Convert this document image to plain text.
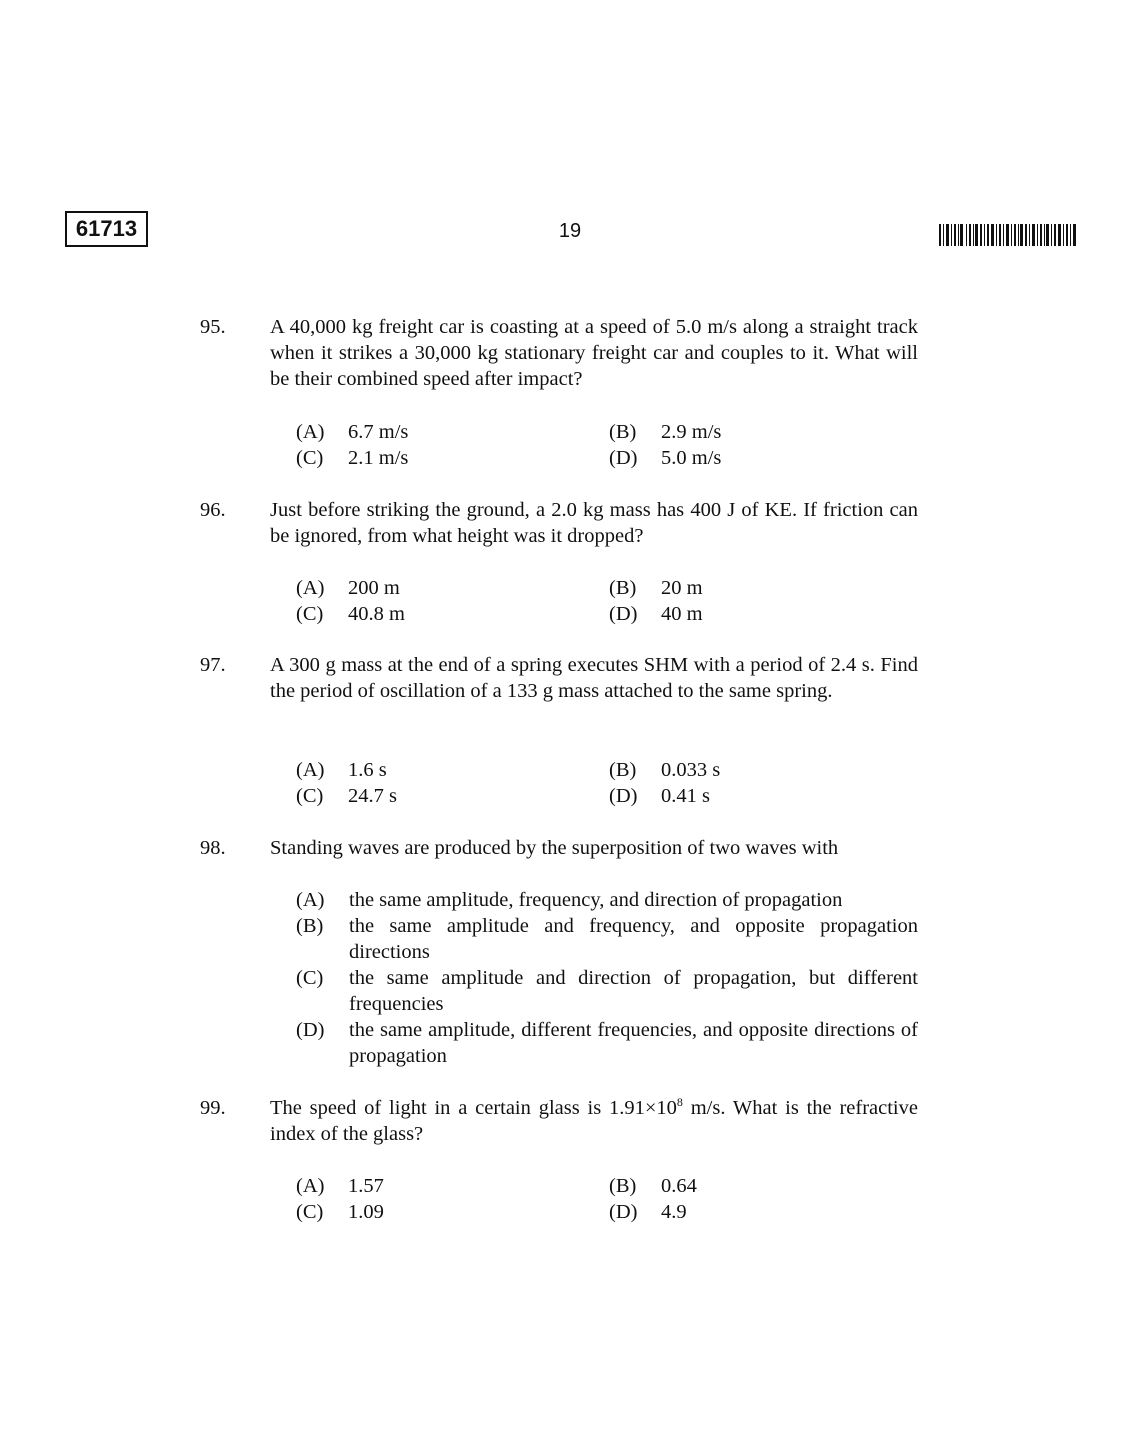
61713	19
95. A 40,000 kg freight car is coasting at a speed of 5.0 m/s along a straight track when it strikes a 30,000 kg stationary freight car and couples to it. What will be their combined speed after impact?
(A) 6.7 m/s	(B) 2.9 m/s
(C) 2.1 m/s	(D) 5.0 m/s
96. Just before striking the ground, a 2.0 kg mass has 400 J of KE. If friction can be ignored, from what height was it dropped?
(A) 200 m	(B) 20 m
(C) 40.8 m	(D) 40 m
97. A 300 g mass at the end of a spring executes SHM with a period of 2.4 s. Find the period of oscillation of a 133 g mass attached to the same spring.
(A) 1.6 s	(B) 0.033 s
(C) 24.7 s	(D) 0.41 s
98. Standing waves are produced by the superposition of two waves with
(A) the same amplitude, frequency, and direction of propagation
(B) the same amplitude and frequency, and opposite propagation directions
(C) the same amplitude and direction of propagation, but different frequencies
(D) the same amplitude, different frequencies, and opposite directions of propagation
99. The speed of light in a certain glass is $1.91\times 10^8$ m/s. What is the refractive index of the glass?
(A) 1.57	(B) 0.64
(C) 1.09	(D) 4.9
